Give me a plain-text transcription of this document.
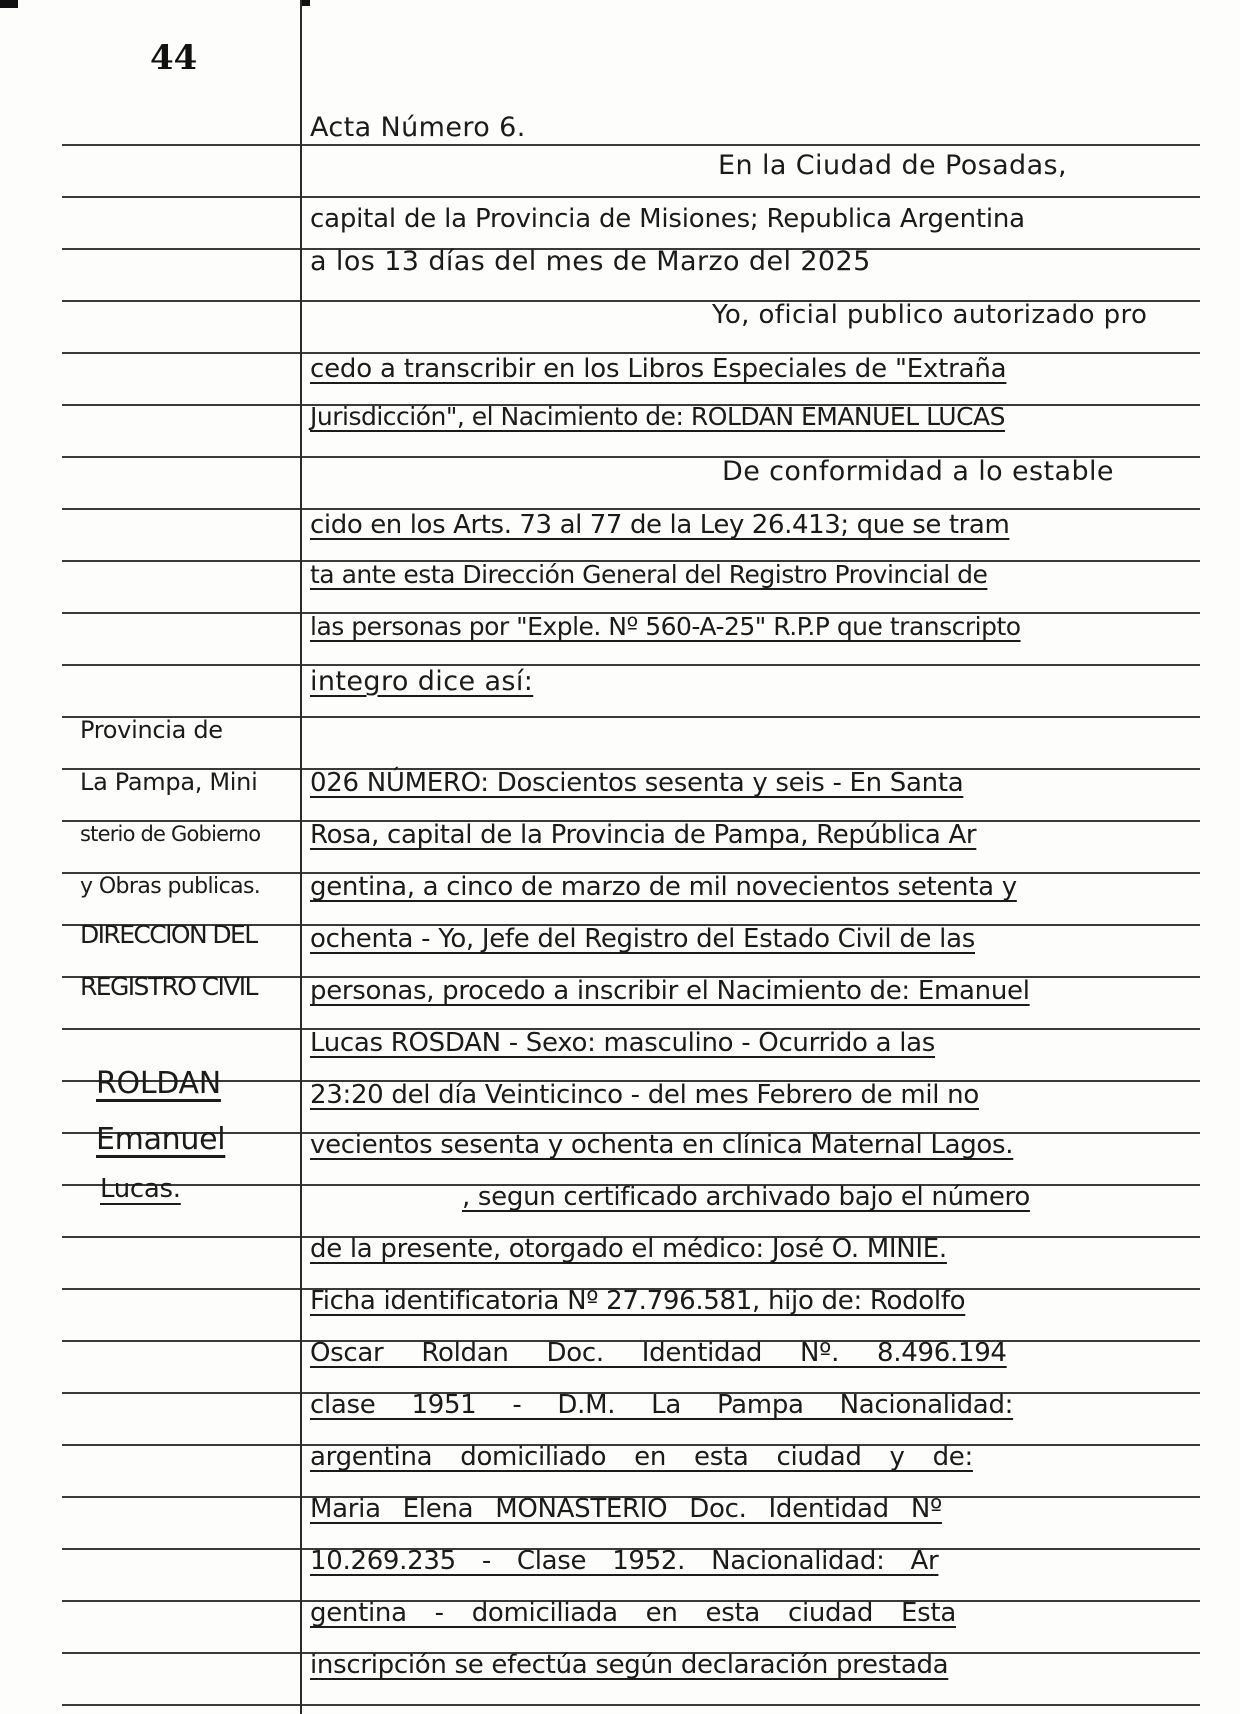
44
Acta Número 6.
En la Ciudad de Posadas,
capital de la Provincia de Misiones; Republica Argentina
a los 13 días del mes de Marzo del 2025
Yo, oficial publico autorizado pro
cedo a transcribir en los Libros Especiales de "Extraña
Jurisdicción", el Nacimiento de: ROLDAN EMANUEL LUCAS
De conformidad a lo estable
cido en los Arts. 73 al 77 de la Ley 26.413; que se tram
ta ante esta Dirección General del Registro Provincial de
las personas por "Exple. Nº 560-A-25" R.P.P que transcripto
integro dice así:
026 NÚMERO: Doscientos sesenta y seis - En Santa
Rosa, capital de la Provincia de Pampa, República Ar
gentina, a cinco de marzo de mil novecientos setenta y
ochenta - Yo, Jefe del Registro del Estado Civil de las
personas, procedo a inscribir el Nacimiento de: Emanuel
Lucas ROSDAN - Sexo: masculino - Ocurrido a las
23:20 del día Veinticinco - del mes Febrero de mil no
vecientos sesenta y ochenta en clínica Maternal Lagos.
, segun certificado archivado bajo el número
de la presente, otorgado el médico: José O. MINIE.
Ficha identificatoria Nº 27.796.581, hijo de: Rodolfo
Oscar Roldan Doc. Identidad Nº. 8.496.194
clase 1951 - D.M. La Pampa Nacionalidad:
argentina domiciliado en esta ciudad y de:
Maria Elena MONASTERIO Doc. Identidad Nº
10.269.235 - Clase 1952. Nacionalidad: Ar
gentina - domiciliada en esta ciudad Esta
inscripción se efectúa según declaración prestada
Provincia de
La Pampa, Mini
sterio de Gobierno
y Obras publicas.
DIRECCION DEL
REGISTRO CIVIL
ROLDAN
Emanuel
Lucas.
